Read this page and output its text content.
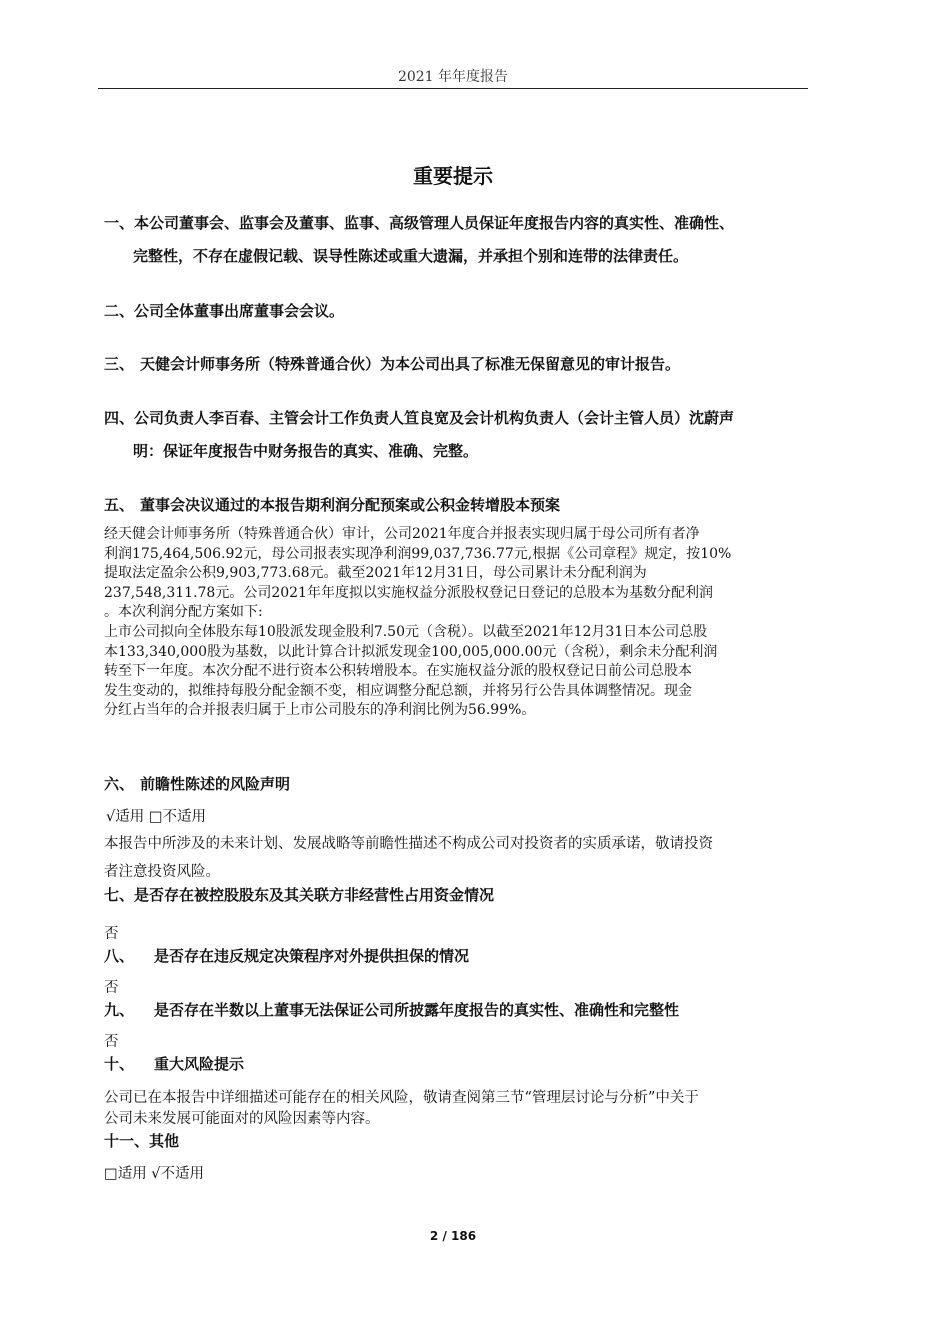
2021 年年度报告
重要提示
一、本公司董事会、监事会及董事、监事、高级管理人员保证年度报告内容的真实性、准确性、
完整性，不存在虚假记载、误导性陈述或重大遗漏，并承担个别和连带的法律责任。
二、公司全体董事出席董事会会议。
三、 天健会计师事务所（特殊普通合伙）为本公司出具了标准无保留意见的审计报告。
四、公司负责人李百春、主管会计工作负责人笪良宽及会计机构负责人（会计主管人员）沈蔚声
明：保证年度报告中财务报告的真实、准确、完整。
五、 董事会决议通过的本报告期利润分配预案或公积金转增股本预案
经天健会计师事务所（特殊普通合伙）审计，公司2021年度合并报表实现归属于母公司所有者净
利润175,464,506.92元，母公司报表实现净利润99,037,736.77元,根据《公司章程》规定，按10%
提取法定盈余公积9,903,773.68元。截至2021年12月31日，母公司累计未分配利润为
237,548,311.78元。公司2021年年度拟以实施权益分派股权登记日登记的总股本为基数分配利润
。本次利润分配方案如下:
上市公司拟向全体股东每10股派发现金股利7.50元（含税）。以截至2021年12月31日本公司总股
本133,340,000股为基数，以此计算合计拟派发现金100,005,000.00元（含税），剩余未分配利润
转至下一年度。本次分配不进行资本公积转增股本。在实施权益分派的股权登记日前公司总股本
发生变动的，拟维持每股分配金额不变，相应调整分配总额，并将另行公告具体调整情况。现金
分红占当年的合并报表归属于上市公司股东的净利润比例为56.99%。
六、 前瞻性陈述的风险声明
√适用 □不适用
本报告中所涉及的未来计划、发展战略等前瞻性描述不构成公司对投资者的实质承诺，敬请投资
者注意投资风险。
七、是否存在被控股股东及其关联方非经营性占用资金情况
否
八、 是否存在违反规定决策程序对外提供担保的情况
否
九、 是否存在半数以上董事无法保证公司所披露年度报告的真实性、准确性和完整性
否
十、 重大风险提示
公司已在本报告中详细描述可能存在的相关风险，敬请查阅第三节“管理层讨论与分析”中关于
公司未来发展可能面对的风险因素等内容。
十一、其他
□适用 √不适用
2 / 186
